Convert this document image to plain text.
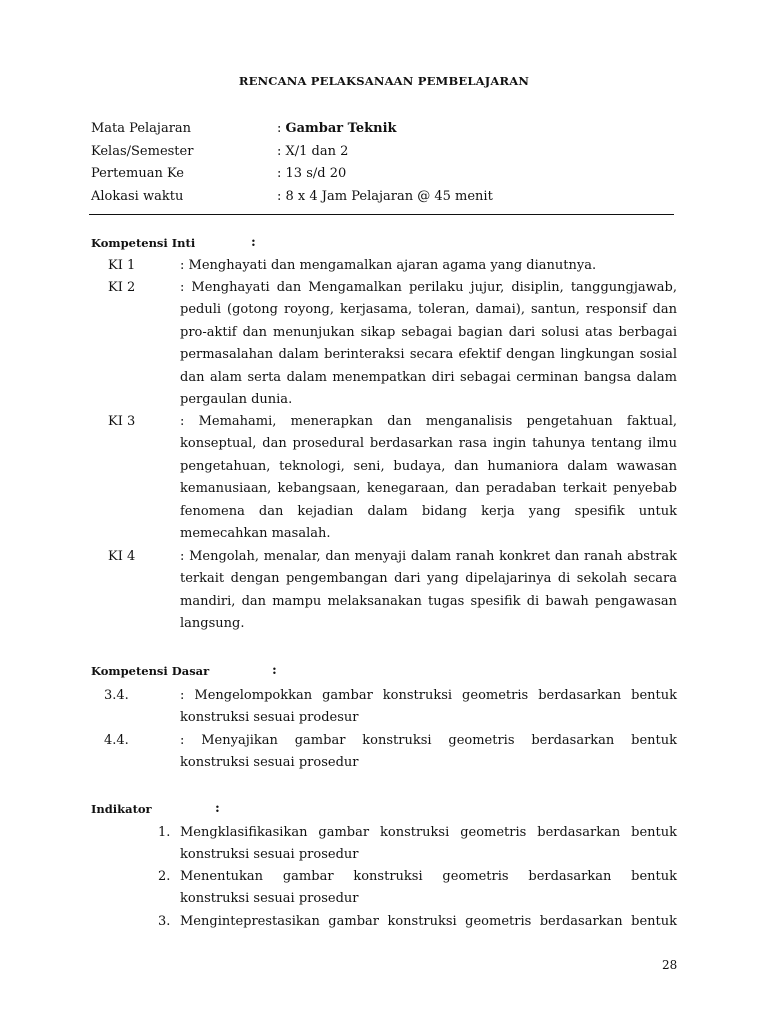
RENCANA PELAKSANAAN PEMBELAJARAN
Mata Pelajaran	: Gambar Teknik
Kelas/Semester	: X/1 dan 2
Pertemuan Ke	: 13 s/d 20
Alokasi waktu	: 8 x 4 Jam Pelajaran @ 45 menit
Kompetensi Inti	:
KI 1	: Menghayati dan mengamalkan ajaran agama yang dianutnya.
KI 2	: Menghayati dan Mengamalkan perilaku jujur, disiplin, tanggungjawab, peduli (gotong royong, kerjasama, toleran, damai), santun, responsif dan pro-aktif dan menunjukan sikap sebagai bagian dari solusi atas berbagai permasalahan dalam berinteraksi secara efektif dengan lingkungan sosial dan alam serta dalam menempatkan diri sebagai cerminan bangsa dalam pergaulan dunia.
KI 3	: Memahami, menerapkan dan menganalisis pengetahuan faktual, konseptual, dan prosedural berdasarkan rasa ingin tahunya tentang ilmu pengetahuan, teknologi, seni, budaya, dan humaniora dalam wawasan kemanusiaan, kebangsaan, kenegaraan, dan peradaban terkait penyebab fenomena dan kejadian dalam bidang kerja yang spesifik untuk memecahkan masalah.
KI 4	: Mengolah, menalar, dan menyaji dalam ranah konkret dan ranah abstrak terkait dengan pengembangan dari yang dipelajarinya di sekolah secara mandiri, dan mampu melaksanakan tugas spesifik di bawah pengawasan langsung.
Kompetensi Dasar	:
3.4.	: Mengelompokkan gambar konstruksi geometris berdasarkan bentuk
konstruksi sesuai prodesur
4.4.	: Menyajikan gambar konstruksi geometris berdasarkan bentuk
konstruksi sesuai prosedur
Indikator	:
1. Mengklasifikasikan gambar konstruksi geometris berdasarkan bentuk
konstruksi sesuai prosedur
2. Menentukan gambar konstruksi geometris berdasarkan bentuk
konstruksi sesuai prosedur
3. Menginteprestasikan gambar konstruksi geometris berdasarkan bentuk
28
